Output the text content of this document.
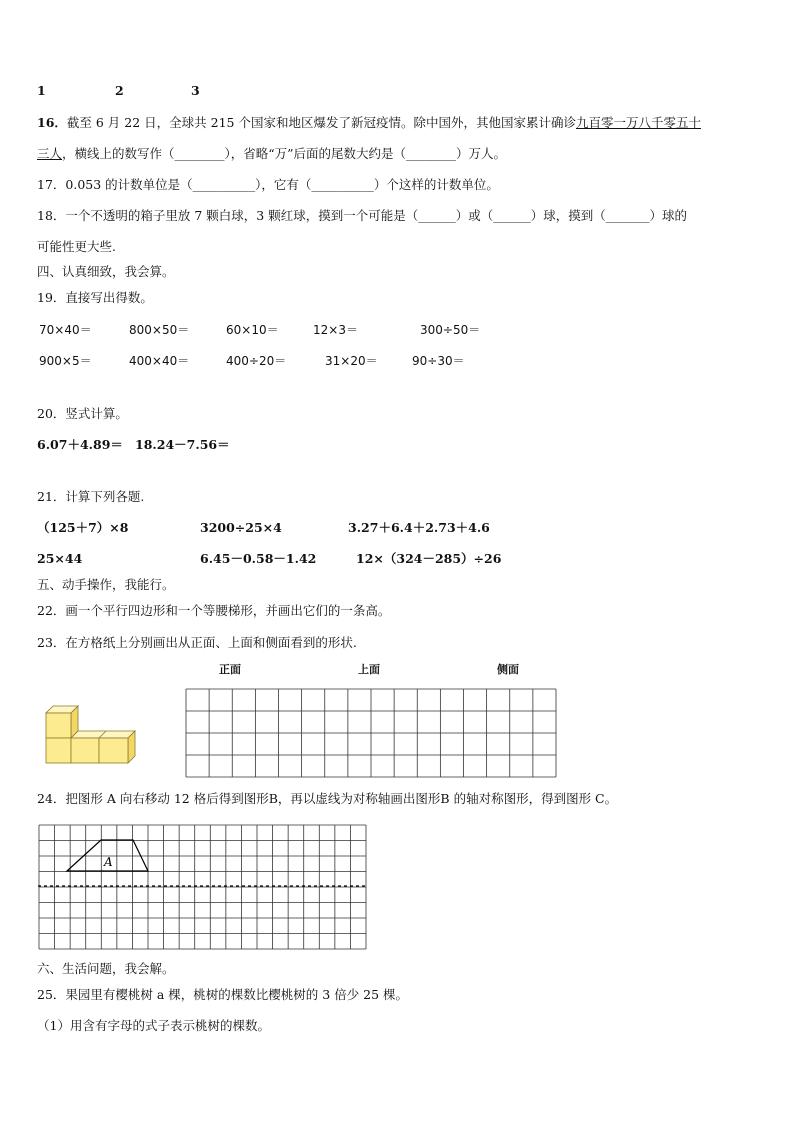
1	2	3
16．截至 6 月 22 日，全球共 215 个国家和地区爆发了新冠疫情。除中国外，其他国家累计确诊九百零一万八千零五十
三人，横线上的数写作（________），省略“万”后面的尾数大约是（________）万人。
17．0.053 的计数单位是（__________），它有（__________）个这样的计数单位。
18．一个不透明的箱子里放 7 颗白球，3 颗红球，摸到一个可能是（______）或（______）球，摸到（_______）球的
可能性更大些.
四、认真细致，我会算。
19．直接写出得数。
70×40＝	800×50＝	60×10＝	12×3＝	300÷50＝
900×5＝	400×40＝	400÷20＝	31×20＝	90÷30＝
20．竖式计算。
6.07＋4.89＝ 18.24－7.56＝
21．计算下列各题.
（125＋7）×8	3200÷25×4	3.27＋6.4＋2.73＋4.6
25×44	6.45－0.58－1.42	12×（324－285）÷26
五、动手操作，我能行。
22．画一个平行四边形和一个等腰梯形，并画出它们的一条高。
23．在方格纸上分别画出从正面、上面和侧面看到的形状.
正面	上面	侧面
24．把图形 A 向右移动 12 格后得到图形B，再以虚线为对称轴画出图形B 的轴对称图形，得到图形 C。
A
六、生活问题，我会解。
25．果园里有樱桃树 a 棵，桃树的棵数比樱桃树的 3 倍少 25 棵。
（1）用含有字母的式子表示桃树的棵数。
